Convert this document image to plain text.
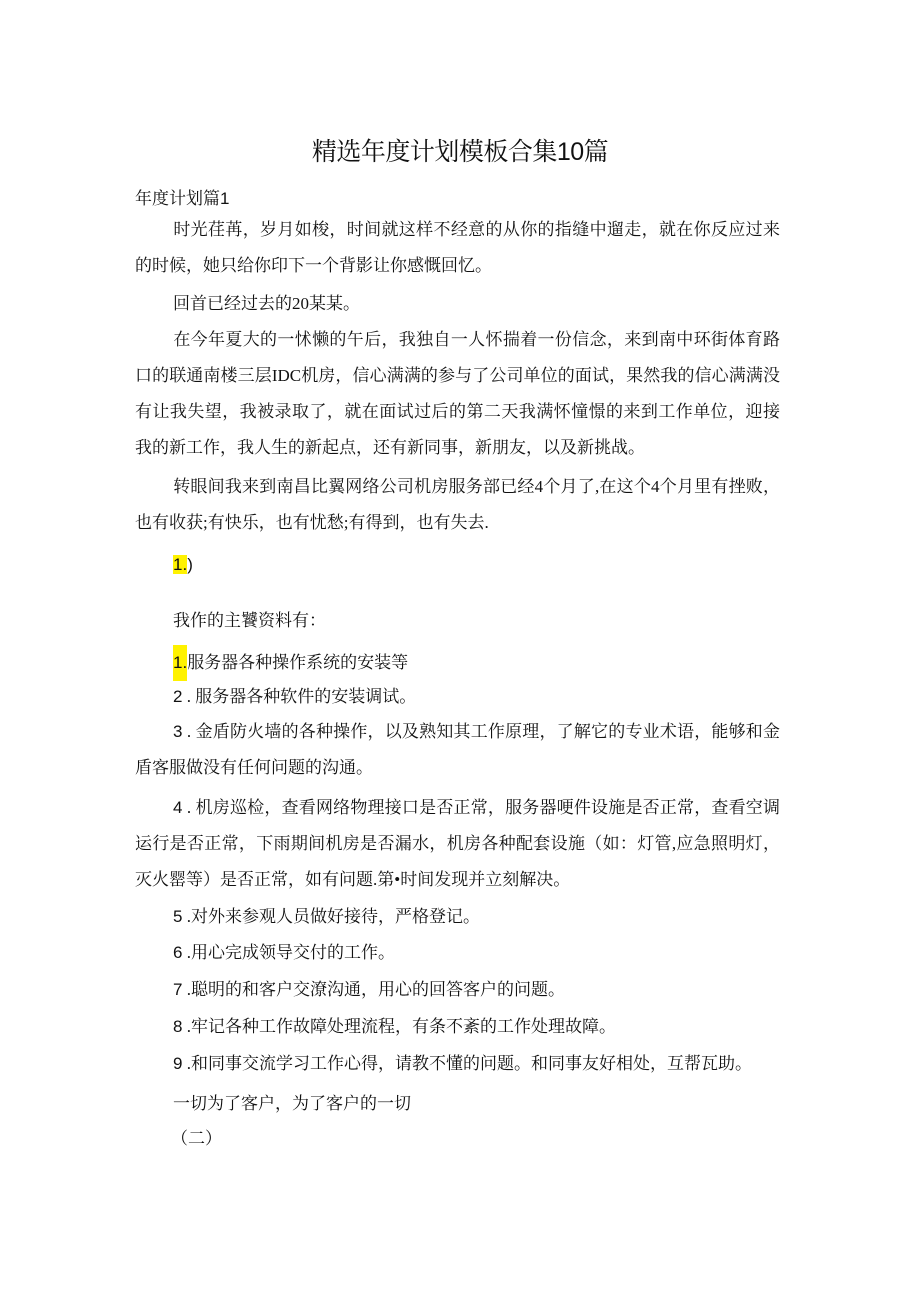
精选年度计划模板合集10篇
年度计划篇1
时光荏苒，岁月如梭，时间就这样不经意的从你的指缝中遛走，就在你反应过来的时候，她只给你印下一个背影让你感慨回忆。
回首已经过去的20某某。
在今年夏大的一怵懒的午后，我独自一人怀揣着一份信念，来到南中环街体育路口的联通南楼三层IDC机房，信心满满的参与了公司单位的面试，果然我的信心满满没有让我失望，我被录取了，就在面试过后的第二天我满怀憧憬的来到工作单位，迎接我的新工作，我人生的新起点，还有新同事，新朋友，以及新挑战。
转眼间我来到南昌比翼网络公司机房服务部已经4个月了,在这个4个月里有挫败，也有收获;有快乐，也有忧愁;有得到，也有失去.
1.)
我作的主饕资料有：
1.服务器各种操作系统的安装等
2 . 服务器各种软件的安装调试。
3 . 金盾防火墙的各种操作，以及熟知其工作原理，了解它的专业术语，能够和金盾客服做没有任何问题的沟通。
4 . 机房巡检，查看网络物理接口是否正常，服务器哽件设施是否正常，查看空调运行是否正常，下雨期间机房是否漏水，机房各种配套设施（如：灯管,应急照明灯，灭火罂等）是否正常，如有问题.第•时间发现并立刻解决。
5 .对外来参观人员做好接待，严格登记。
6 .用心完成领导交付的工作。
7 .聪明的和客户交潦沟通，用心的回答客户的问题。
8 .牢记各种工作故障处理流程，有条不紊的工作处理故障。
9 .和同事交流学习工作心得，请教不懂的问题。和同事友好相处，互帮瓦助。
一切为了客户，为了客户的一切
（二）
